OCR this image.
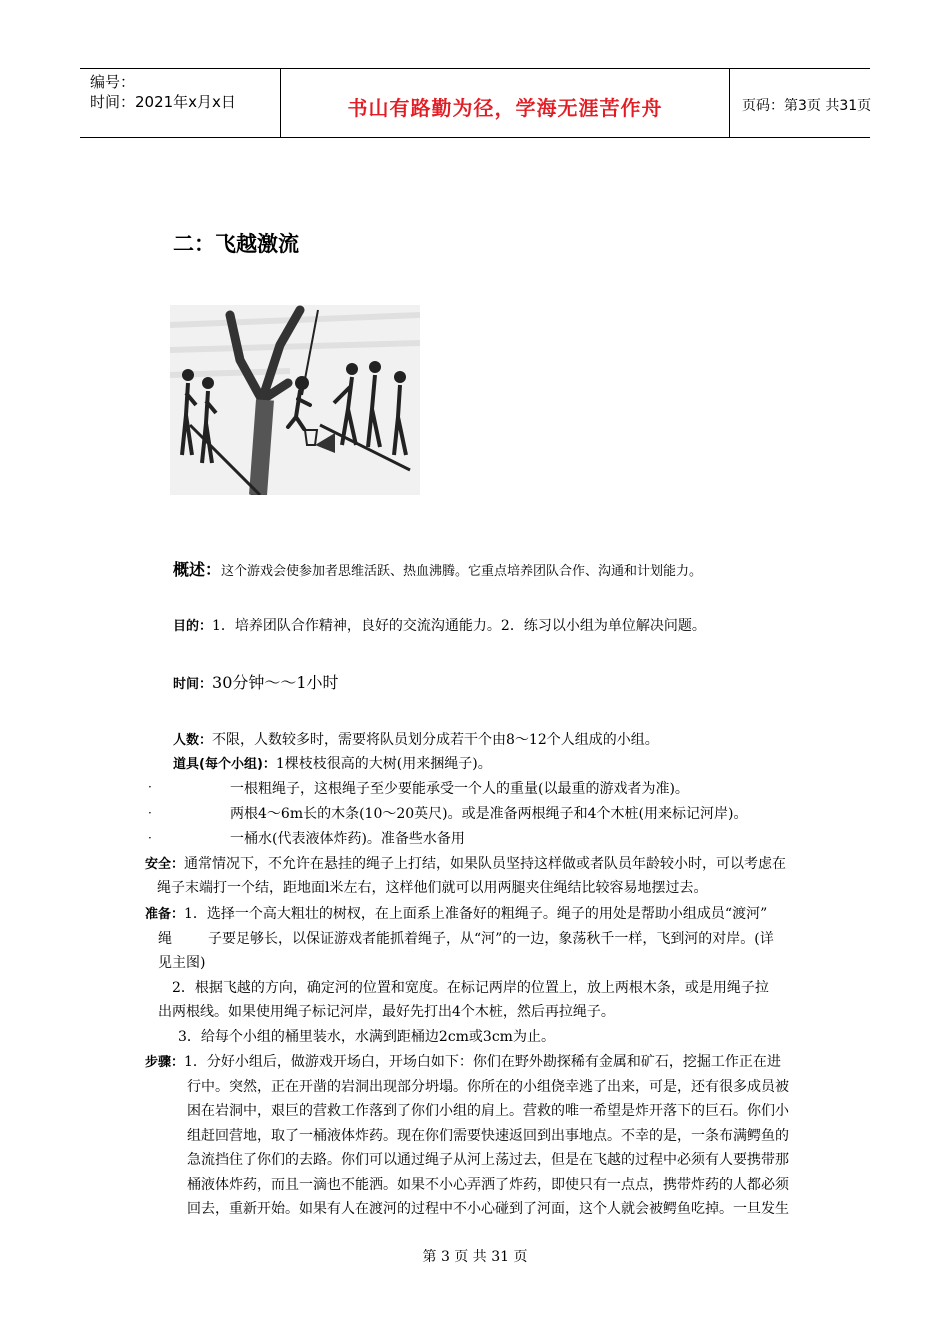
编号：
时间：2021年x月x日	书山有路勤为径，学海无涯苦作舟	页码：第3页 共31页
二：飞越激流
概述：这个游戏会使参加者思维活跃、热血沸腾。它重点培养团队合作、沟通和计划能力。
目的：1．培养团队合作精神，良好的交流沟通能力。2．练习以小组为单位解决问题。
时间：30分钟～～1小时
人数：不限，人数较多时，需要将队员划分成若干个由8～12个人组成的小组。
道具(每个小组)：1棵枝枝很高的大树(用来捆绳子)。
·	一根粗绳子，这根绳子至少要能承受一个人的重量(以最重的游戏者为准)。
·	两根4～6m长的木条(10～20英尺)。或是准备两根绳子和4个木桩(用来标记河岸)。
·	一桶水(代表液体炸药)。准备些水备用
安全：通常情况下，不允许在悬挂的绳子上打结，如果队员坚持这样做或者队员年龄较小时，可以考虑在
绳子末端打一个结，距地面l米左右，这样他们就可以用两腿夹住绳结比较容易地摆过去。
准备：1．选择一个高大粗壮的树杈，在上面系上准备好的粗绳子。绳子的用处是帮助小组成员“渡河”
绳	子要足够长，以保证游戏者能抓着绳子，从“河”的一边，象荡秋千一样，飞到河的对岸。(详
见主图)
2．根据飞越的方向，确定河的位置和宽度。在标记两岸的位置上，放上两根木条，或是用绳子拉
出两根线。如果使用绳子标记河岸，最好先打出4个木桩，然后再拉绳子。
3．给每个小组的桶里装水，水满到距桶边2cm或3cm为止。
步骤：1．分好小组后，做游戏开场白，开场白如下：你们在野外勘探稀有金属和矿石，挖掘工作正在进
行中。突然，正在开凿的岩洞出现部分坍塌。你所在的小组侥幸逃了出来，可是，还有很多成员被
困在岩洞中，艰巨的营救工作落到了你们小组的肩上。营救的唯一希望是炸开落下的巨石。你们小
组赶回营地，取了一桶液体炸药。现在你们需要快速返回到出事地点。不幸的是，一条布满鳄鱼的
急流挡住了你们的去路。你们可以通过绳子从河上荡过去，但是在飞越的过程中必须有人要携带那
桶液体炸药，而且一滴也不能洒。如果不小心弄洒了炸药，即使只有一点点，携带炸药的人都必须
回去，重新开始。如果有人在渡河的过程中不小心碰到了河面，这个人就会被鳄鱼吃掉。一旦发生
第 3 页 共 31 页
